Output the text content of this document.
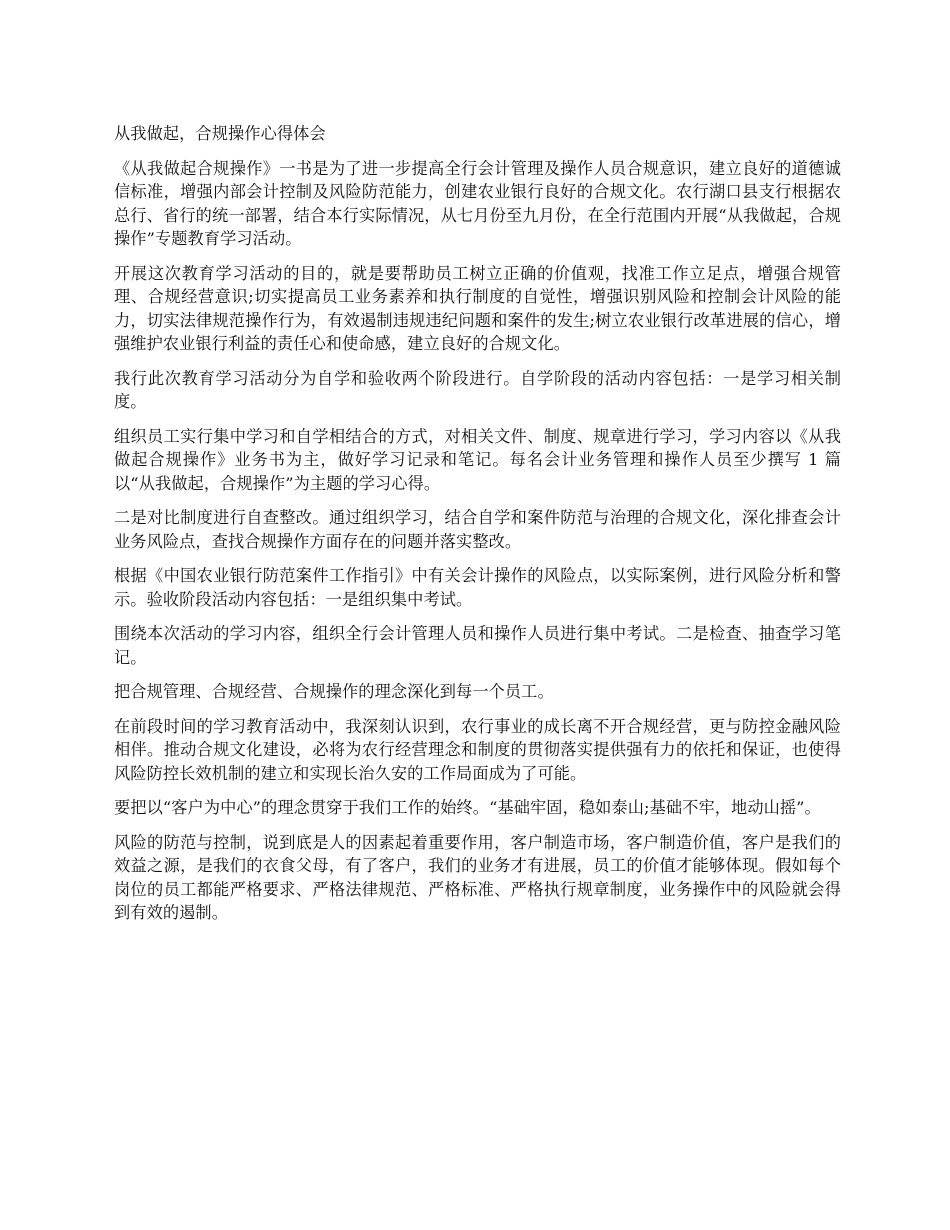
从我做起，合规操作心得体会

《从我做起合规操作》一书是为了进一步提高全行会计管理及操作人员合规意识，建立良好的道德诚信标准，增强内部会计控制及风险防范能力，创建农业银行良好的合规文化。农行湖口县支行根据农总行、省行的统一部署，结合本行实际情况，从七月份至九月份，在全行范围内开展“从我做起，合规操作”专题教育学习活动。

开展这次教育学习活动的目的，就是要帮助员工树立正确的价值观，找准工作立足点，增强合规管理、合规经营意识;切实提高员工业务素养和执行制度的自觉性，增强识别风险和控制会计风险的能力，切实法律规范操作行为，有效遏制违规违纪问题和案件的发生;树立农业银行改革进展的信心，增强维护农业银行利益的责任心和使命感，建立良好的合规文化。

我行此次教育学习活动分为自学和验收两个阶段进行。自学阶段的活动内容包括：一是学习相关制度。

组织员工实行集中学习和自学相结合的方式，对相关文件、制度、规章进行学习，学习内容以《从我做起合规操作》业务书为主，做好学习记录和笔记。每名会计业务管理和操作人员至少撰写 1 篇以“从我做起，合规操作”为主题的学习心得。

二是对比制度进行自查整改。通过组织学习，结合自学和案件防范与治理的合规文化，深化排查会计业务风险点，查找合规操作方面存在的问题并落实整改。

根据《中国农业银行防范案件工作指引》中有关会计操作的风险点，以实际案例，进行风险分析和警示。验收阶段活动内容包括：一是组织集中考试。

围绕本次活动的学习内容，组织全行会计管理人员和操作人员进行集中考试。二是检查、抽查学习笔记。

把合规管理、合规经营、合规操作的理念深化到每一个员工。

在前段时间的学习教育活动中，我深刻认识到，农行事业的成长离不开合规经营，更与防控金融风险相伴。推动合规文化建设，必将为农行经营理念和制度的贯彻落实提供强有力的依托和保证，也使得风险防控长效机制的建立和实现长治久安的工作局面成为了可能。

要把以“客户为中心”的理念贯穿于我们工作的始终。“基础牢固，稳如泰山;基础不牢，地动山摇”。

风险的防范与控制，说到底是人的因素起着重要作用，客户制造市场，客户制造价值，客户是我们的效益之源，是我们的衣食父母，有了客户，我们的业务才有进展，员工的价值才能够体现。假如每个岗位的员工都能严格要求、严格法律规范、严格标准、严格执行规章制度，业务操作中的风险就会得到有效的遏制。
